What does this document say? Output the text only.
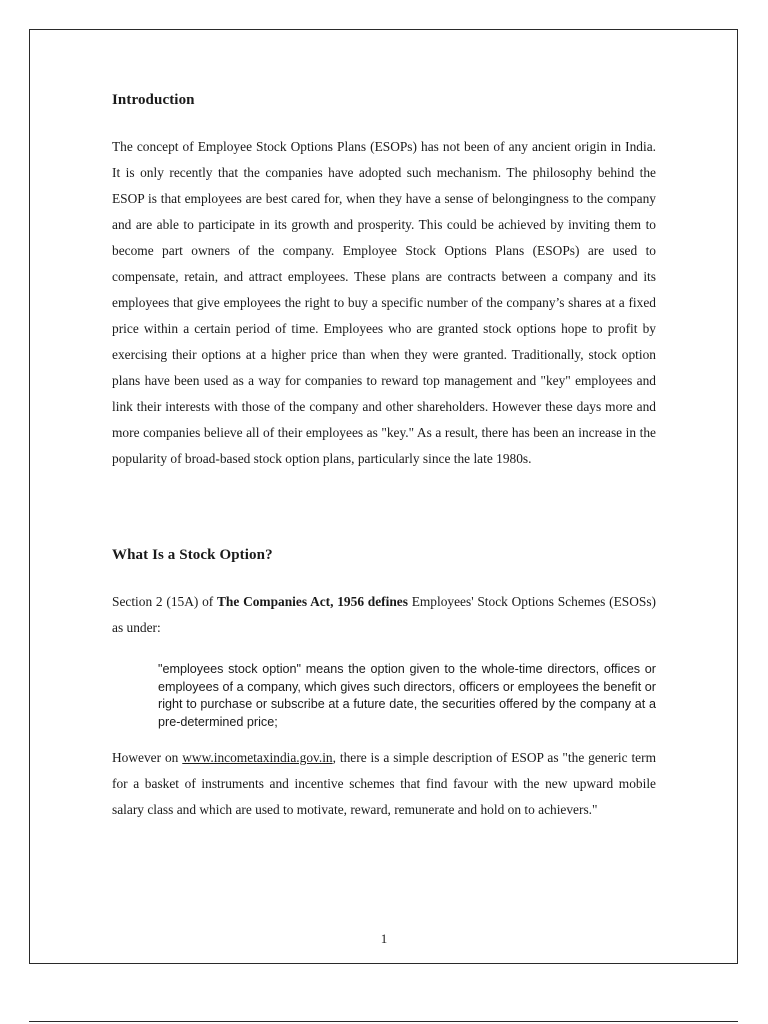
Introduction

The concept of Employee Stock Options Plans (ESOPs) has not been of any ancient origin in India. It is only recently that the companies have adopted such mechanism. The philosophy behind the ESOP is that employees are best cared for, when they have a sense of belongingness to the company and are able to participate in its growth and prosperity. This could be achieved by inviting them to become part owners of the company. Employee Stock Options Plans (ESOPs) are used to compensate, retain, and attract employees. These plans are contracts between a company and its employees that give employees the right to buy a specific number of the company’s shares at a fixed price within a certain period of time. Employees who are granted stock options hope to profit by exercising their options at a higher price than when they were granted. Traditionally, stock option plans have been used as a way for companies to reward top management and "key" employees and link their interests with those of the company and other shareholders. However these days more and more companies believe all of their employees as "key." As a result, there has been an increase in the popularity of broad-based stock option plans, particularly since the late 1980s.

What Is a Stock Option?

Section 2 (15A) of The Companies Act, 1956 defines Employees' Stock Options Schemes (ESOSs) as under:

"employees stock option" means the option given to the whole-time directors, offices or employees of a company, which gives such directors, officers or employees the benefit or right to purchase or subscribe at a future date, the securities offered by the company at a pre-determined price;

However on www.incometaxindia.gov.in, there is a simple description of ESOP as "the generic term for a basket of instruments and incentive schemes that find favour with the new upward mobile salary class and which are used to motivate, reward, remunerate and hold on to achievers."

1
